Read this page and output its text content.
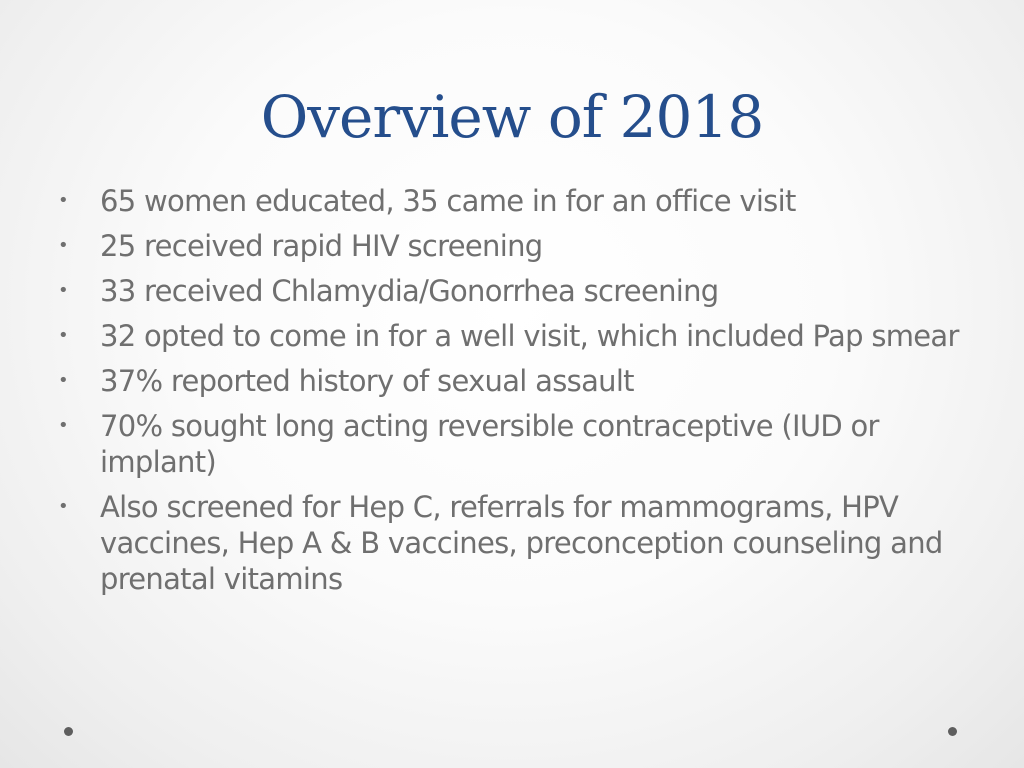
Overview of 2018
• 65 women educated, 35 came in for an office visit
• 25 received rapid HIV screening
• 33 received Chlamydia/Gonorrhea screening
• 32 opted to come in for a well visit, which included Pap smear
• 37% reported history of sexual assault
• 70% sought long acting reversible contraceptive (IUD or implant)
• Also screened for Hep C, referrals for mammograms, HPV vaccines, Hep A & B vaccines, preconception counseling and prenatal vitamins
